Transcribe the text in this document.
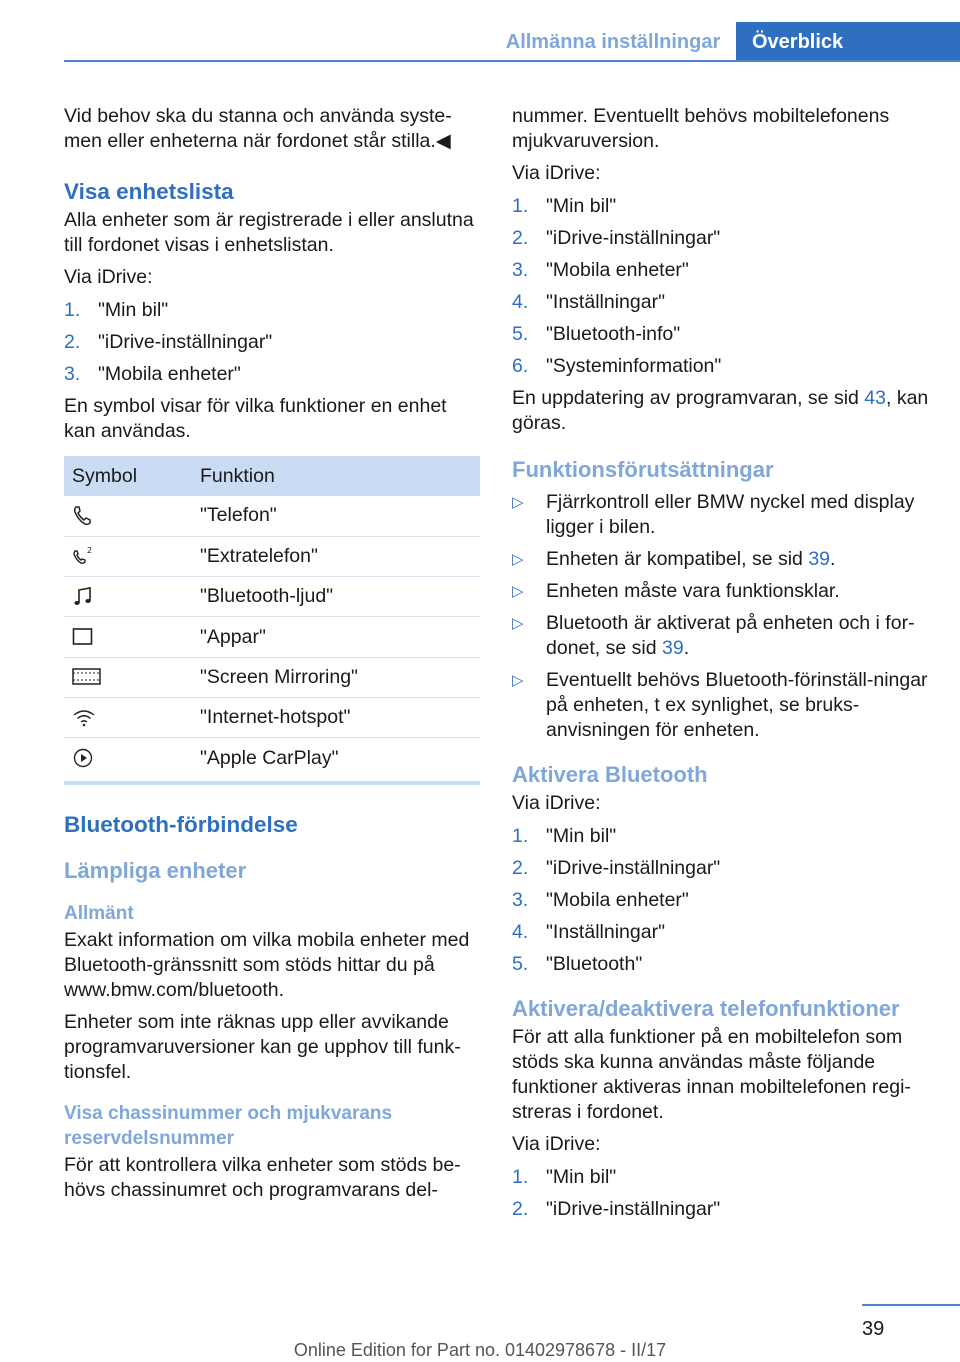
Allmänna inställningar	Överblick

Vid behov ska du stanna och använda syste-men eller enheterna när fordonet står stilla.◀

Visa enhetslista

Alla enheter som är registrerade i eller anslutna till fordonet visas i enhetslistan.

Via iDrive:

1. "Min bil"
2. "iDrive-inställningar"
3. "Mobila enheter"

En symbol visar för vilka funktioner en enhet kan användas.

Symbol	Funktion

	"Telefon"

2	"Extratelefon"

	"Bluetooth-ljud"

	"Appar"

	"Screen Mirroring"

	"Internet-hotspot"

	"Apple CarPlay"
Bluetooth-förbindelse
Lämpliga enheter
Allmänt

Exakt information om vilka mobila enheter med Bluetooth-gränssnitt som stöds hittar du på www.bmw.com/bluetooth.

Enheter som inte räknas upp eller avvikande programvaruversioner kan ge upphov till funk-tionsfel.

Visa chassinummer och mjukvarans reservdelsnummer

För att kontrollera vilka enheter som stöds be-hövs chassinumret och programvarans del-

nummer. Eventuellt behövs mobiltelefonens mjukvaruversion.

Via iDrive:

1. "Min bil"
2. "iDrive-inställningar"
3. "Mobila enheter"
4. "Inställningar"
5. "Bluetooth-info"
6. "Systeminformation"

En uppdatering av programvaran, se sid 43, kan göras.

Funktionsförutsättningar
▷	Fjärrkontroll eller BMW nyckel med display ligger i bilen.
▷	Enheten är kompatibel, se sid 39.
▷	Enheten måste vara funktionsklar.
▷	Bluetooth är aktiverat på enheten och i for-donet, se sid 39.
▷	Eventuellt behövs Bluetooth-förinställ-ningar på enheten, t ex synlighet, se bruks-anvisningen för enheten.
Aktivera Bluetooth

Via iDrive:

1. "Min bil"
2. "iDrive-inställningar"
3. "Mobila enheter"
4. "Inställningar"
5. "Bluetooth"
Aktivera/deaktivera telefonfunktioner

För att alla funktioner på en mobiltelefon som stöds ska kunna användas måste följande funktioner aktiveras innan mobiltelefonen regi-streras i fordonet.

Via iDrive:

1. "Min bil"
2. "iDrive-inställningar"
39
Online Edition for Part no. 01402978678 - II/17
